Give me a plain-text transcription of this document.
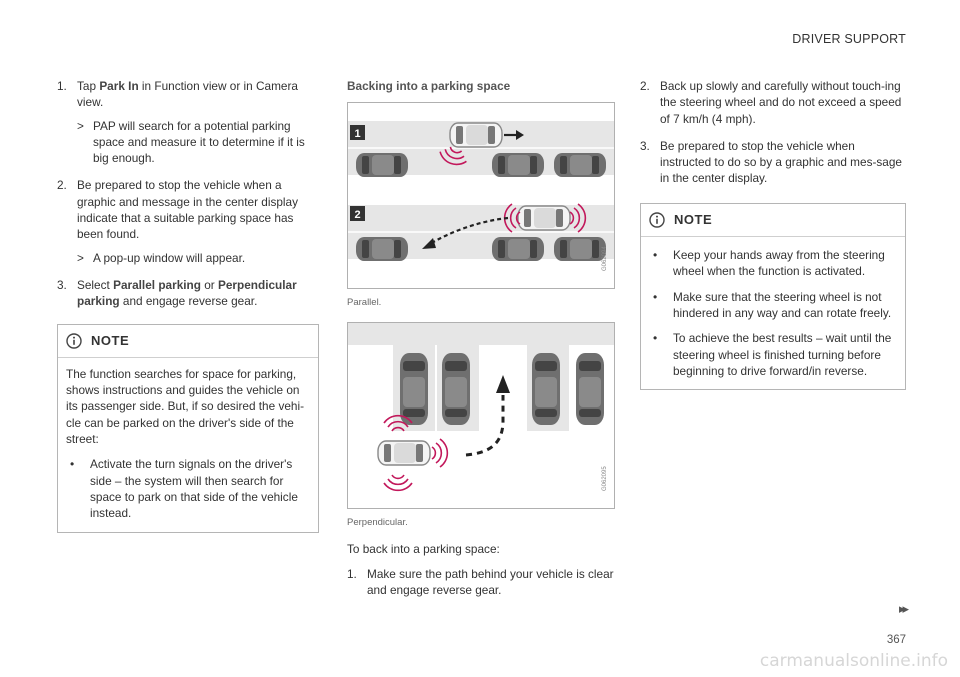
DRIVER SUPPORT
1. Tap Park In in Function view or in Camera view.

> PAP will search for a potential parking space and measure it to determine if it is big enough.
2. Be prepared to stop the vehicle when a graphic and message in the center display indicate that a suitable parking space has been found.

> A pop-up window will appear.
3. Select Parallel parking or Perpendicular parking and engage reverse gear.

NOTE

The function searches for space for parking, shows instructions and guides the vehicle on its passenger side. But, if so desired the vehi-cle can be parked on the driver's side of the street:

• Activate the turn signals on the driver's side – the system will then search for space to park on that side of the vehicle instead.
Backing into a parking space
1
2
G062094
Parallel.
G062095
Perpendicular.

To back into a parking space:

1. Make sure the path behind your vehicle is clear and engage reverse gear.

2. Back up slowly and carefully without touch-ing the steering wheel and do not exceed a speed of 7 km/h (4 mph).

3. Be prepared to stop the vehicle when instructed to do so by a graphic and mes-sage in the center display.

NOTE
• Keep your hands away from the steering wheel when the function is activated.
• Make sure that the steering wheel is not hindered in any way and can rotate freely.
• To achieve the best results – wait until the steering wheel is finished turning before beginning to drive forward/in reverse.
▸▸
367
carmanualsonline.info
